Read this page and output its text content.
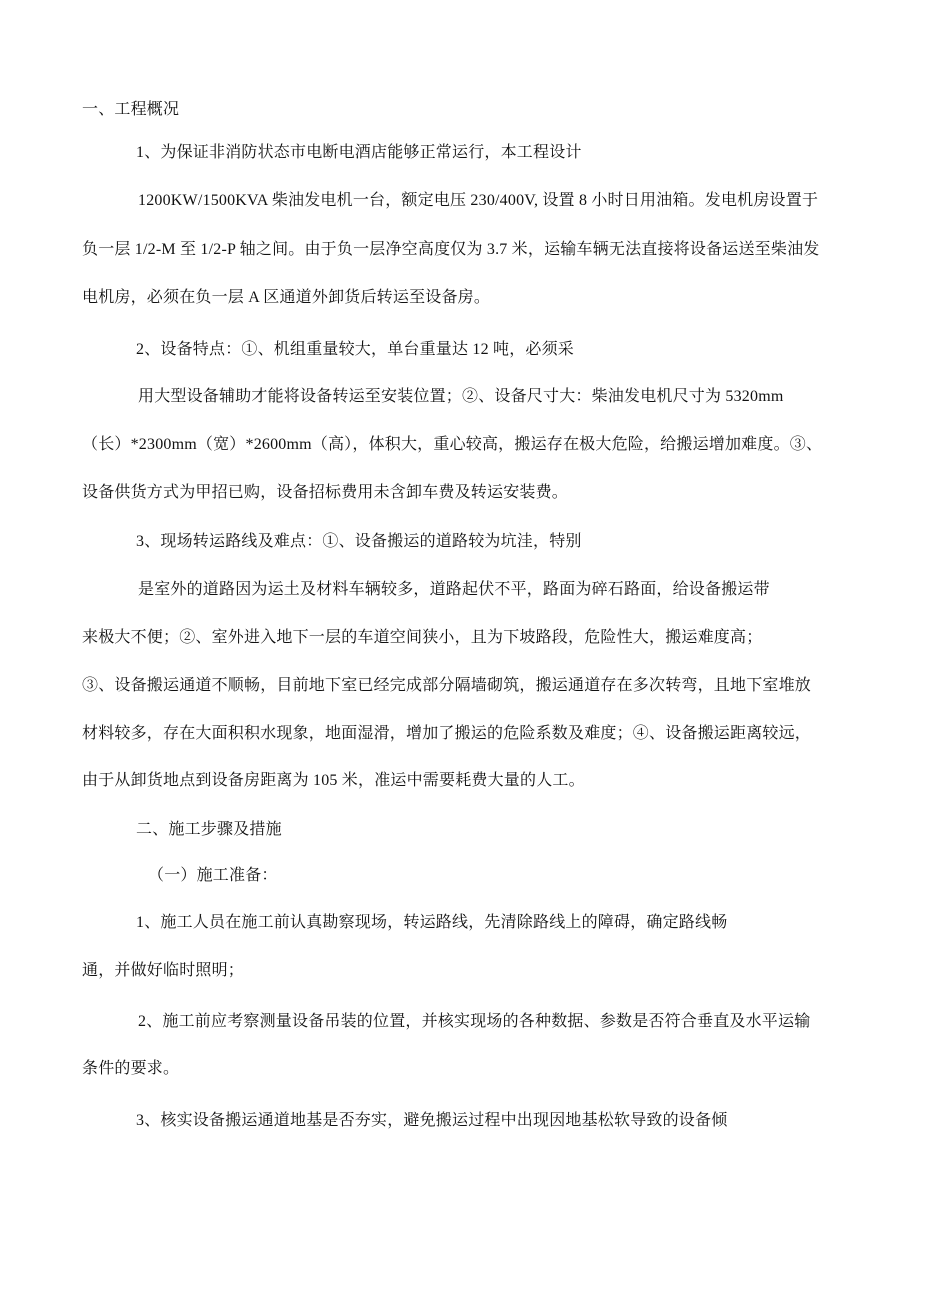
一、工程概况
1、为保证非消防状态市电断电酒店能够正常运行，本工程设计
1200KW/1500KVA 柴油发电机一台，额定电压 230/400V, 设置 8 小时日用油箱。发电机房设置于
负一层 1/2-M 至 1/2-P 轴之间。由于负一层净空高度仅为 3.7 米，运输车辆无法直接将设备运送至柴油发
电机房，必须在负一层 A 区通道外卸货后转运至设备房。
2、设备特点：①、机组重量较大，单台重量达 12 吨，必须采
用大型设备辅助才能将设备转运至安装位置；②、设备尺寸大：柴油发电机尺寸为 5320mm
（长）*2300mm（宽）*2600mm（高），体积大，重心较高，搬运存在极大危险，给搬运增加难度。③、
设备供货方式为甲招已购，设备招标费用未含卸车费及转运安装费。
3、现场转运路线及难点：①、设备搬运的道路较为坑洼，特别
是室外的道路因为运土及材料车辆较多，道路起伏不平，路面为碎石路面，给设备搬运带
来极大不便；②、室外进入地下一层的车道空间狭小，且为下坡路段，危险性大，搬运难度高；
③、设备搬运通道不顺畅，目前地下室已经完成部分隔墙砌筑，搬运通道存在多次转弯，且地下室堆放
材料较多，存在大面积积水现象，地面湿滑，增加了搬运的危险系数及难度；④、设备搬运距离较远，
由于从卸货地点到设备房距离为 105 米，准运中需要耗费大量的人工。
二、施工步骤及措施
（一）施工准备：
1、施工人员在施工前认真勘察现场，转运路线，先清除路线上的障碍，确定路线畅
通，并做好临时照明；
2、施工前应考察测量设备吊装的位置，并核实现场的各种数据、参数是否符合垂直及水平运输
条件的要求。
3、核实设备搬运通道地基是否夯实，避免搬运过程中出现因地基松软导致的设备倾
